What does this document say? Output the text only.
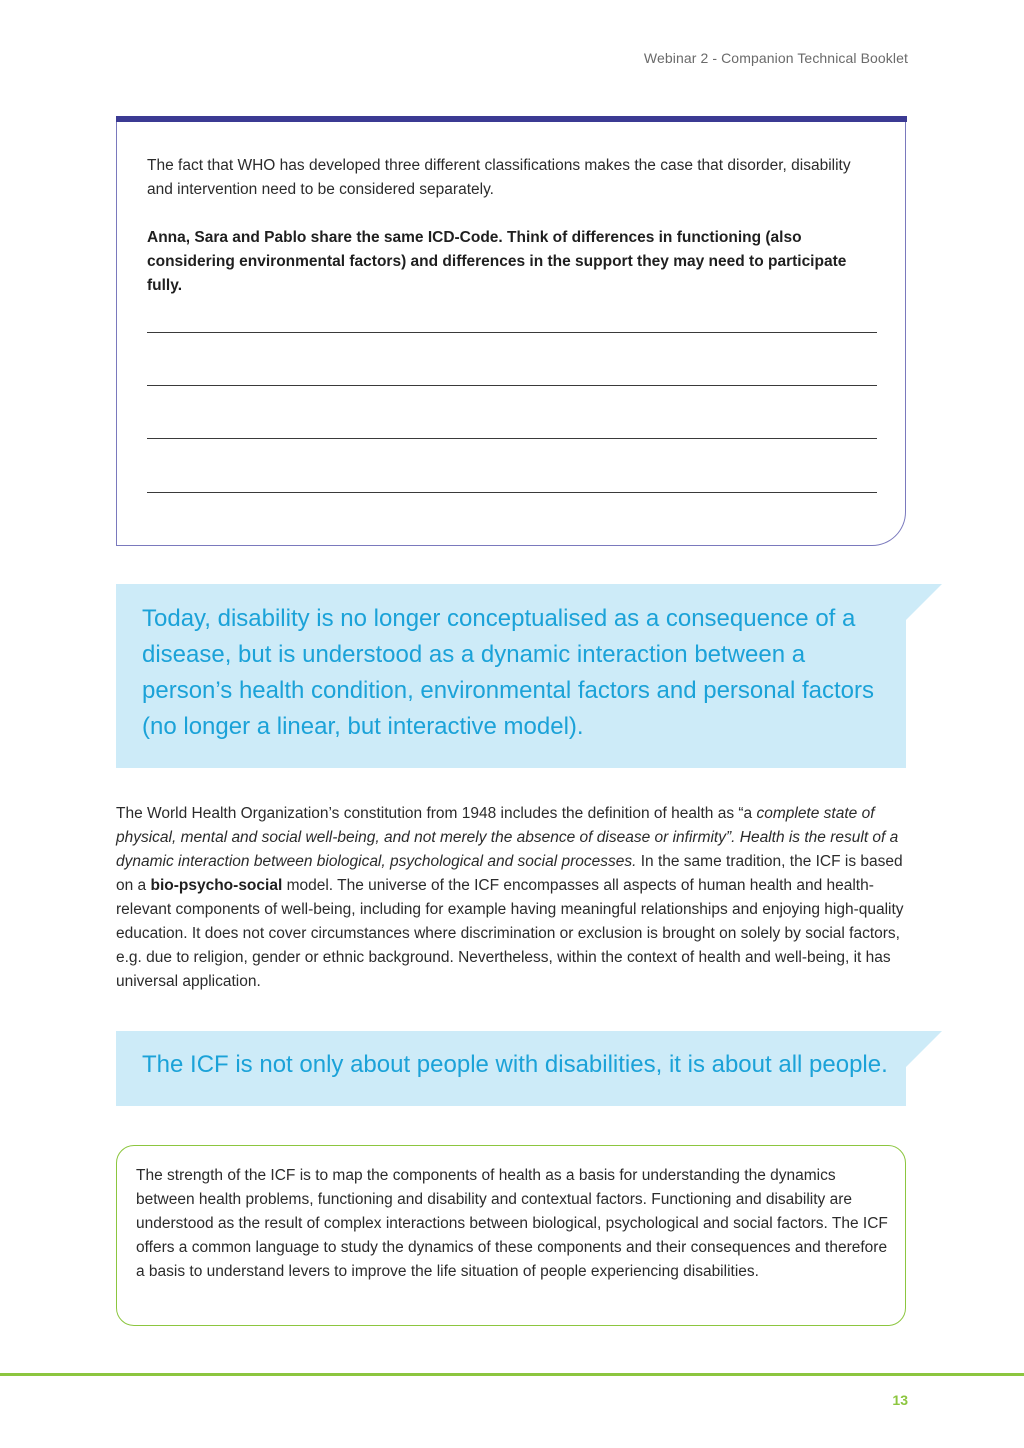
Webinar 2 - Companion Technical Booklet

The fact that WHO has developed three different classifications makes the case that disorder, disability and intervention need to be considered separately.

Anna, Sara and Pablo share the same ICD-Code. Think of differences in functioning (also considering environmental factors) and differences in the support they may need to participate fully.

Today, disability is no longer conceptualised as a consequence of a disease, but is understood as a dynamic interaction between a person’s health condition, environmental factors and personal factors (no longer a linear, but interactive model).

The World Health Organization’s constitution from 1948 includes the definition of health as “a complete state of physical, mental and social well-being, and not merely the absence of disease or infirmity”. Health is the result of a dynamic interaction between biological, psychological and social processes. In the same tradition, the ICF is based on a bio-psycho-social model. The universe of the ICF encompasses all aspects of human health and health-relevant components of well-being, including for example having meaningful relationships and enjoying high-quality education. It does not cover circumstances where discrimination or exclusion is brought on solely by social factors, e.g. due to religion, gender or ethnic background. Nevertheless, within the context of health and well-being, it has universal application.

The ICF is not only about people with disabilities, it is about all people.

The strength of the ICF is to map the components of health as a basis for understanding the dynamics between health problems, functioning and disability and contextual factors. Functioning and disability are understood as the result of complex interactions between biological, psychological and social factors. The ICF offers a common language to study the dynamics of these components and their consequences and therefore a basis to understand levers to improve the life situation of people experiencing disabilities.

13
